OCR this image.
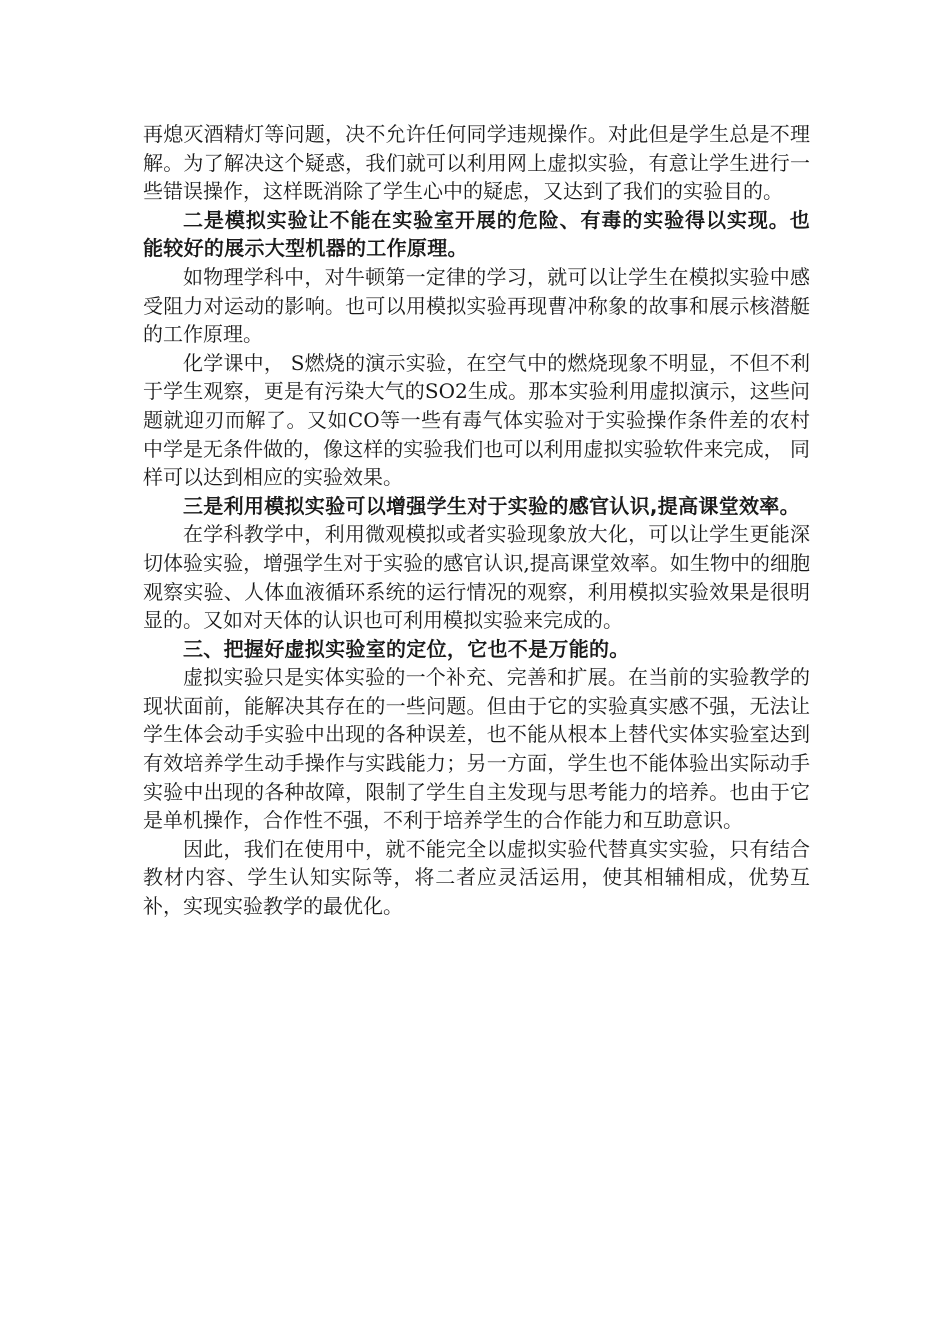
再熄灭酒精灯等问题，决不允许任何同学违规操作。对此但是学生总是不理解。为了解决这个疑惑，我们就可以利用网上虚拟实验，有意让学生进行一些错误操作，这样既消除了学生心中的疑虑，又达到了我们的实验目的。

二是模拟实验让不能在实验室开展的危险、有毒的实验得以实现。也能较好的展示大型机器的工作原理。

如物理学科中，对牛顿第一定律的学习，就可以让学生在模拟实验中感受阻力对运动的影响。也可以用模拟实验再现曹冲称象的故事和展示核潜艇的工作原理。

化学课中， S燃烧的演示实验，在空气中的燃烧现象不明显，不但不利于学生观察，更是有污染大气的SO2生成。那本实验利用虚拟演示，这些问题就迎刃而解了。又如CO等一些有毒气体实验对于实验操作条件差的农村中学是无条件做的，像这样的实验我们也可以利用虚拟实验软件来完成， 同样可以达到相应的实验效果。

三是利用模拟实验可以增强学生对于实验的感官认识,提高课堂效率。

在学科教学中，利用微观模拟或者实验现象放大化，可以让学生更能深切体验实验，增强学生对于实验的感官认识,提高课堂效率。如生物中的细胞观察实验、人体血液循环系统的运行情况的观察，利用模拟实验效果是很明显的。又如对天体的认识也可利用模拟实验来完成的。

三、把握好虚拟实验室的定位，它也不是万能的。

虚拟实验只是实体实验的一个补充、完善和扩展。在当前的实验教学的现状面前，能解决其存在的一些问题。但由于它的实验真实感不强，无法让学生体会动手实验中出现的各种误差，也不能从根本上替代实体实验室达到有效培养学生动手操作与实践能力；另一方面，学生也不能体验出实际动手实验中出现的各种故障，限制了学生自主发现与思考能力的培养。也由于它是单机操作，合作性不强，不利于培养学生的合作能力和互助意识。

因此，我们在使用中，就不能完全以虚拟实验代替真实实验，只有结合教材内容、学生认知实际等，将二者应灵活运用，使其相辅相成，优势互补，实现实验教学的最优化。
